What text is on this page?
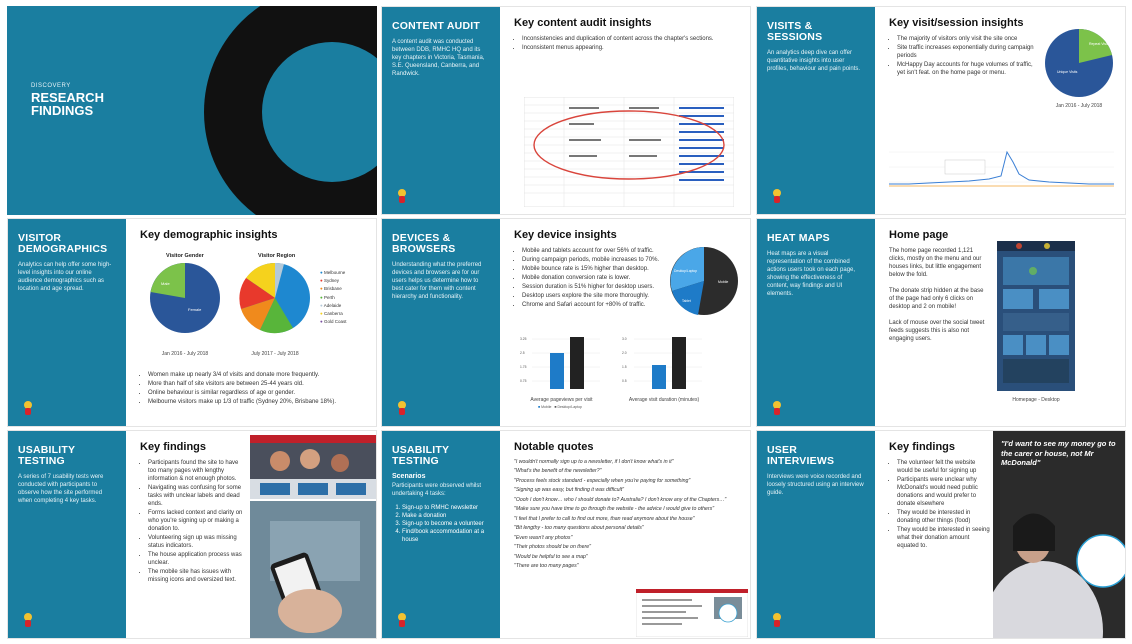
DISCOVERY
RESEARCH FINDINGS
CONTENT AUDIT

A content audit was conducted between DDB, RMHC HQ and its key chapters in Victoria, Tasmania, S.E. Queensland, Canberra, and Randwick.

Key content audit insights
• Inconsistencies and duplication of content across the chapter's sections.
• Inconsistent menus appearing.
VISITS & SESSIONS

An analytics deep dive can offer quantitative insights into user profiles, behaviour and pain points.

Key visit/session insights
• The majority of visitors only visit the site once
• Site traffic increases exponentially during campaign periods
• McHappy Day accounts for huge volumes of traffic, yet isn't feat. on the home page or menu.
Repeat Visits
Unique Visits
Jan 2016 - July 2018
VISITOR DEMOGRAPHICS

Analytics can help offer some high-level insights into our online audience demographics such as location and age spread.

Key demographic insights
Visitor Gender
Male
Female
Jan 2016 - July 2018
Visitor Region
July 2017 - July 2018
● Melbourne
● Sydney
● Brisbane
● Perth
● Adelaide
● Canberra
● Gold Coast
• Women make up nearly 3/4 of visits and donate more frequently.
• More than half of site visitors are between 25-44 years old.
• Online behaviour is similar regardless of age or gender.
• Melbourne visitors make up 1/3 of traffic (Sydney 20%, Brisbane 18%).
DEVICES & BROWSERS

Understanding what the preferred devices and browsers are for our users helps us determine how to best cater for them with content hierarchy and functionality.

Key device insights
• Mobile and tablets account for over 56% of traffic.
• During campaign periods, mobile increases to 70%.
• Mobile bounce rate is 15% higher than desktop.
• Mobile donation conversion rate is lower.
• Session duration is 51% higher for desktop users.
• Desktop users explore the site more thoroughly.
• Chrome and Safari account for +80% of traffic.
Desktop/Laptop
Mobile
Tablet
3.25
2.5
1.75
0.75
Average pageviews per visit
■ Mobile ■ Desktop/Laptop
3.0
2.0
1.5
0.5
Average visit duration (minutes)
HEAT MAPS

Heat maps are a visual representation of the combined actions users took on each page, showing the effectiveness of content, way findings and UI elements.

Home page

The home page recorded 1,121 clicks, mostly on the menu and our houses links, but little engagement below the fold.

The donate strip hidden at the base of the page had only 6 clicks on desktop and 2 on mobile!

Lack of mouse over the social tweet feeds suggests this is also not engaging users.

Homepage - Desktop
USABILITY TESTING

A series of 7 usability tests were conducted with participants to observe how the site performed when completing 4 key tasks.

Key findings
• Participants found the site to have too many pages with lengthy information & not enough photos.
• Navigating was confusing for some tasks with unclear labels and dead ends.
• Forms lacked context and clarity on who you're signing up or making a donation to.
• Volunteering sign up was missing status indicators.
• The house application process was unclear.
• The mobile site has issues with missing icons and oversized text.
USABILITY TESTING
Scenarios

Participants were observed whilst undertaking 4 tasks:

1. Sign-up to RMHC newsletter
2. Make a donation
3. Sign-up to become a volunteer
4. Find/book accommodation at a house
Notable quotes
"I wouldn't normally sign up to a newsletter, if I don't know what's in it"
"What's the benefit of the newsletter?"
"Process feels stock standard - especially when you're paying for something"
"Signing up was easy, but finding it was difficult"
"Oooh I don't know… who I should donate to? Australia? I don't know any of the Chapters…"
"Make sure you have time to go through the website - the advice I would give to others"
"I feel that I prefer to call to find out more, than read anymore about the house"
"Bit lengthy - too many questions about personal details"
"Even wasn't any photos"
"Their photos should be on there"
"Would be helpful to see a map"
"There are too many pages"
USER INTERVIEWS

Interviews were voice recorded and loosely structured using an interview guide.

Key findings
• The volunteer felt the website would be useful for signing up
• Participants were unclear why McDonald's would need public donations and would prefer to donate elsewhere
• They would be interested in donating other things (food)
• They would be interested in seeing what their donation amount equated to.
"I'd want to see my money go to the carer or house, not Mr McDonald"
